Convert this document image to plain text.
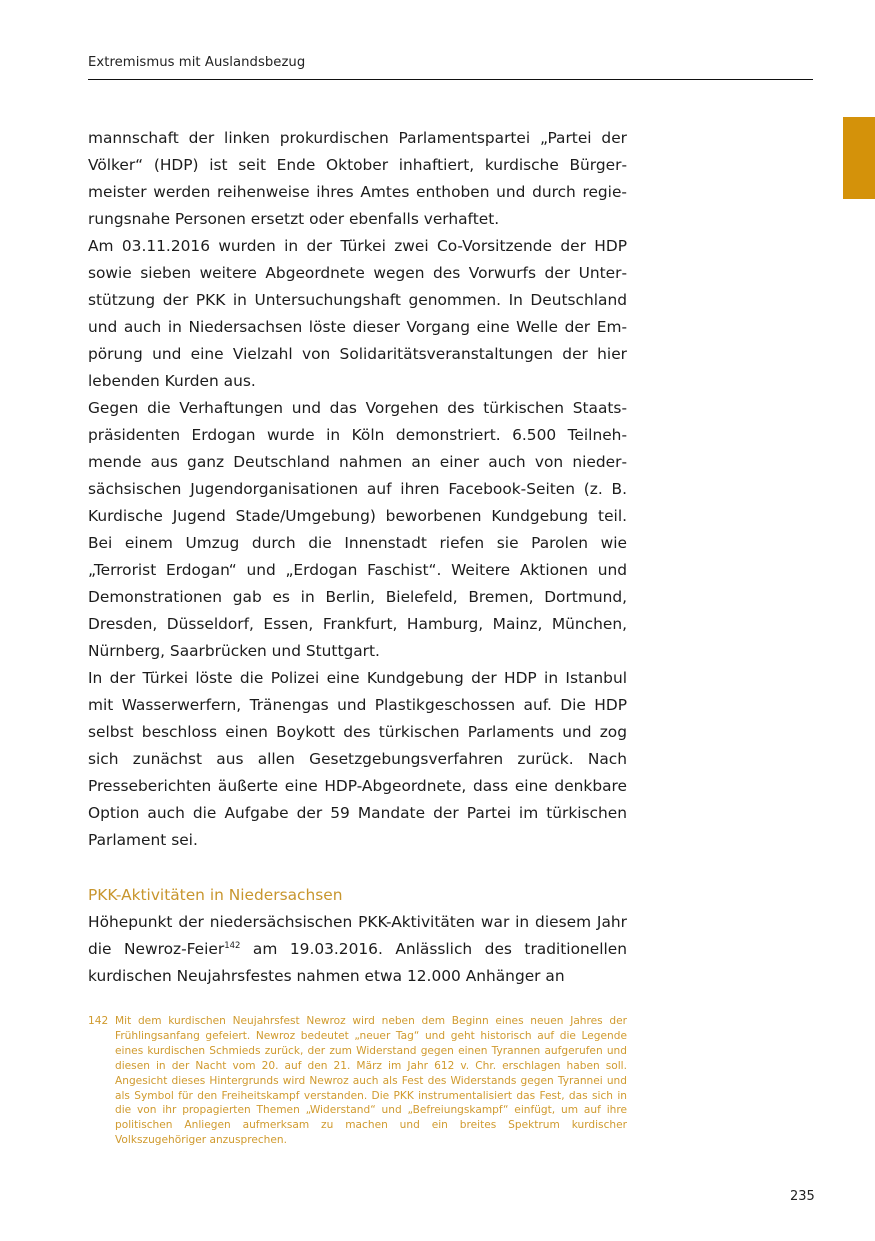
Extremismus mit Auslandsbezug

mannschaft der linken prokurdischen Parlamentspartei „Partei der Völker“ (HDP) ist seit Ende Oktober inhaftiert, kurdische Bürgermeister werden reihenweise ihres Amtes enthoben und durch regierungsnahe Personen ersetzt oder ebenfalls verhaftet.

Am 03.11.2016 wurden in der Türkei zwei Co-Vorsitzende der HDP sowie sieben weitere Abgeordnete wegen des Vorwurfs der Unterstützung der PKK in Untersuchungshaft genommen. In Deutschland und auch in Niedersachsen löste dieser Vorgang eine Welle der Empörung und eine Vielzahl von Solidaritätsveranstaltungen der hier lebenden Kurden aus.

Gegen die Verhaftungen und das Vorgehen des türkischen Staatspräsidenten Erdogan wurde in Köln demonstriert. 6.500 Teilnehmende aus ganz Deutschland nahmen an einer auch von niedersächsischen Jugendorganisationen auf ihren Facebook-Seiten (z. B. Kurdische Jugend Stade/Umgebung) beworbenen Kundgebung teil. Bei einem Umzug durch die Innenstadt riefen sie Parolen wie „Terrorist Erdogan“ und „Erdogan Faschist“. Weitere Aktionen und Demonstrationen gab es in Berlin, Bielefeld, Bremen, Dortmund, Dresden, Düsseldorf, Essen, Frankfurt, Hamburg, Mainz, München, Nürnberg, Saarbrücken und Stuttgart.

In der Türkei löste die Polizei eine Kundgebung der HDP in Istanbul mit Wasserwerfern, Tränengas und Plastikgeschossen auf. Die HDP selbst beschloss einen Boykott des türkischen Parlaments und zog sich zunächst aus allen Gesetzgebungsverfahren zurück. Nach Presseberichten äußerte eine HDP-Abgeordnete, dass eine denkbare Option auch die Aufgabe der 59 Mandate der Partei im türkischen Parlament sei.

PKK-Aktivitäten in Niedersachsen

Höhepunkt der niedersächsischen PKK-Aktivitäten war in diesem Jahr die Newroz-Feier$^{142}$ am 19.03.2016. Anlässlich des traditionellen kurdischen Neujahrsfestes nahmen etwa 12.000 Anhänger an

142 Mit dem kurdischen Neujahrsfest Newroz wird neben dem Beginn eines neuen Jahres der Frühlingsanfang gefeiert. Newroz bedeutet „neuer Tag“ und geht historisch auf die Legende eines kurdischen Schmieds zurück, der zum Widerstand gegen einen Tyrannen aufgerufen und diesen in der Nacht vom 20. auf den 21. März im Jahr 612 v. Chr. erschlagen haben soll. Angesicht dieses Hintergrunds wird Newroz auch als Fest des Widerstands gegen Tyrannei und als Symbol für den Freiheitskampf verstanden. Die PKK instrumentalisiert das Fest, das sich in die von ihr propagierten Themen „Widerstand“ und „Befreiungskampf“ einfügt, um auf ihre politischen Anliegen aufmerksam zu machen und ein breites Spektrum kurdischer Volkszugehöriger anzusprechen.
235
